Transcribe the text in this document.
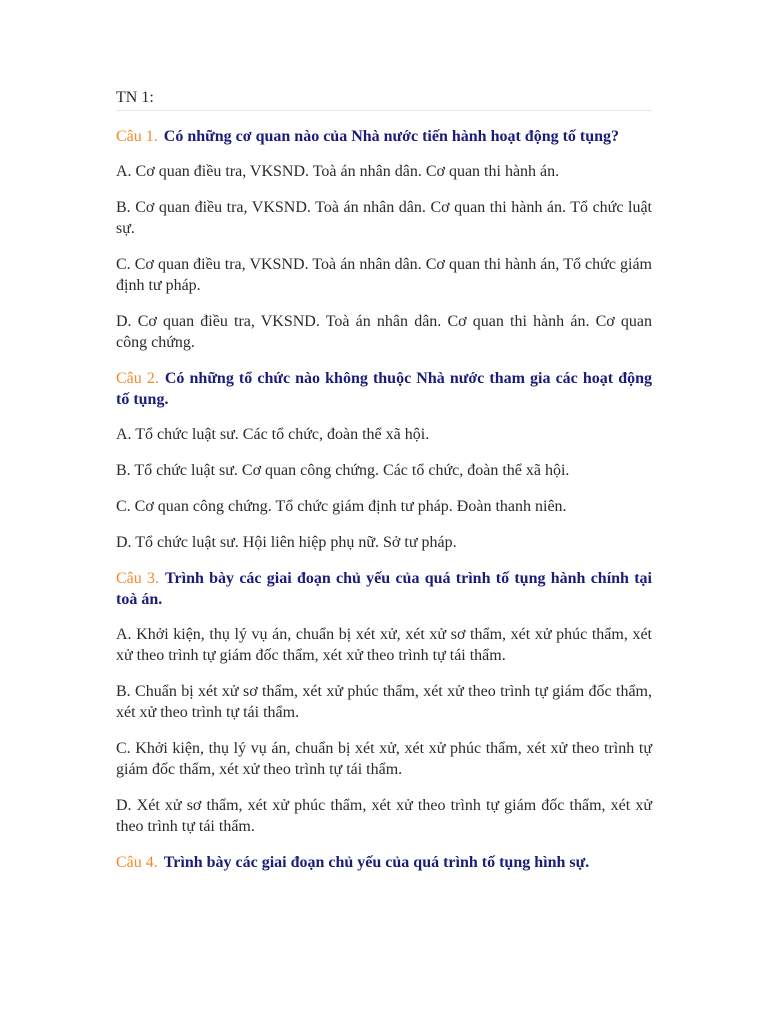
TN 1:

Câu 1. Có những cơ quan nào của Nhà nước tiến hành hoạt động tố tụng?

A. Cơ quan điều tra, VKSND. Toà án nhân dân. Cơ quan thi hành án.

B. Cơ quan điều tra, VKSND. Toà án nhân dân. Cơ quan thi hành án. Tổ chức luật sự.

C. Cơ quan điều tra, VKSND. Toà án nhân dân. Cơ quan thi hành án, Tổ chức giám định tư pháp.

D. Cơ quan điều tra, VKSND. Toà án nhân dân. Cơ quan thi hành án. Cơ quan công chứng.

Câu 2. Có những tổ chức nào không thuộc Nhà nước tham gia các hoạt động tố tụng.

A. Tổ chức luật sư. Các tổ chức, đoàn thể xã hội.

B. Tổ chức luật sư. Cơ quan công chứng. Các tổ chức, đoàn thể xã hội.

C. Cơ quan công chứng. Tổ chức giám định tư pháp. Đoàn thanh niên.

D. Tổ chức luật sư. Hội liên hiệp phụ nữ. Sở tư pháp.

Câu 3. Trình bày các giai đoạn chủ yếu của quá trình tố tụng hành chính tại toà án.

A. Khởi kiện, thụ lý vụ án, chuẩn bị xét xử, xét xử sơ thẩm, xét xử phúc thẩm, xét xử theo trình tự giám đốc thẩm, xét xử theo trình tự tái thẩm.

B. Chuẩn bị xét xử sơ thẩm, xét xử phúc thẩm, xét xử theo trình tự giám đốc thẩm, xét xử theo trình tự tái thẩm.

C. Khởi kiện, thụ lý vụ án, chuẩn bị xét xử, xét xử phúc thẩm, xét xử theo trình tự giám đốc thẩm, xét xử theo trình tự tái thẩm.

D. Xét xử sơ thẩm, xét xử phúc thẩm, xét xử theo trình tự giám đốc thẩm, xét xử theo trình tự tái thẩm.

Câu 4. Trình bày các giai đoạn chủ yếu của quá trình tố tụng hình sự.
